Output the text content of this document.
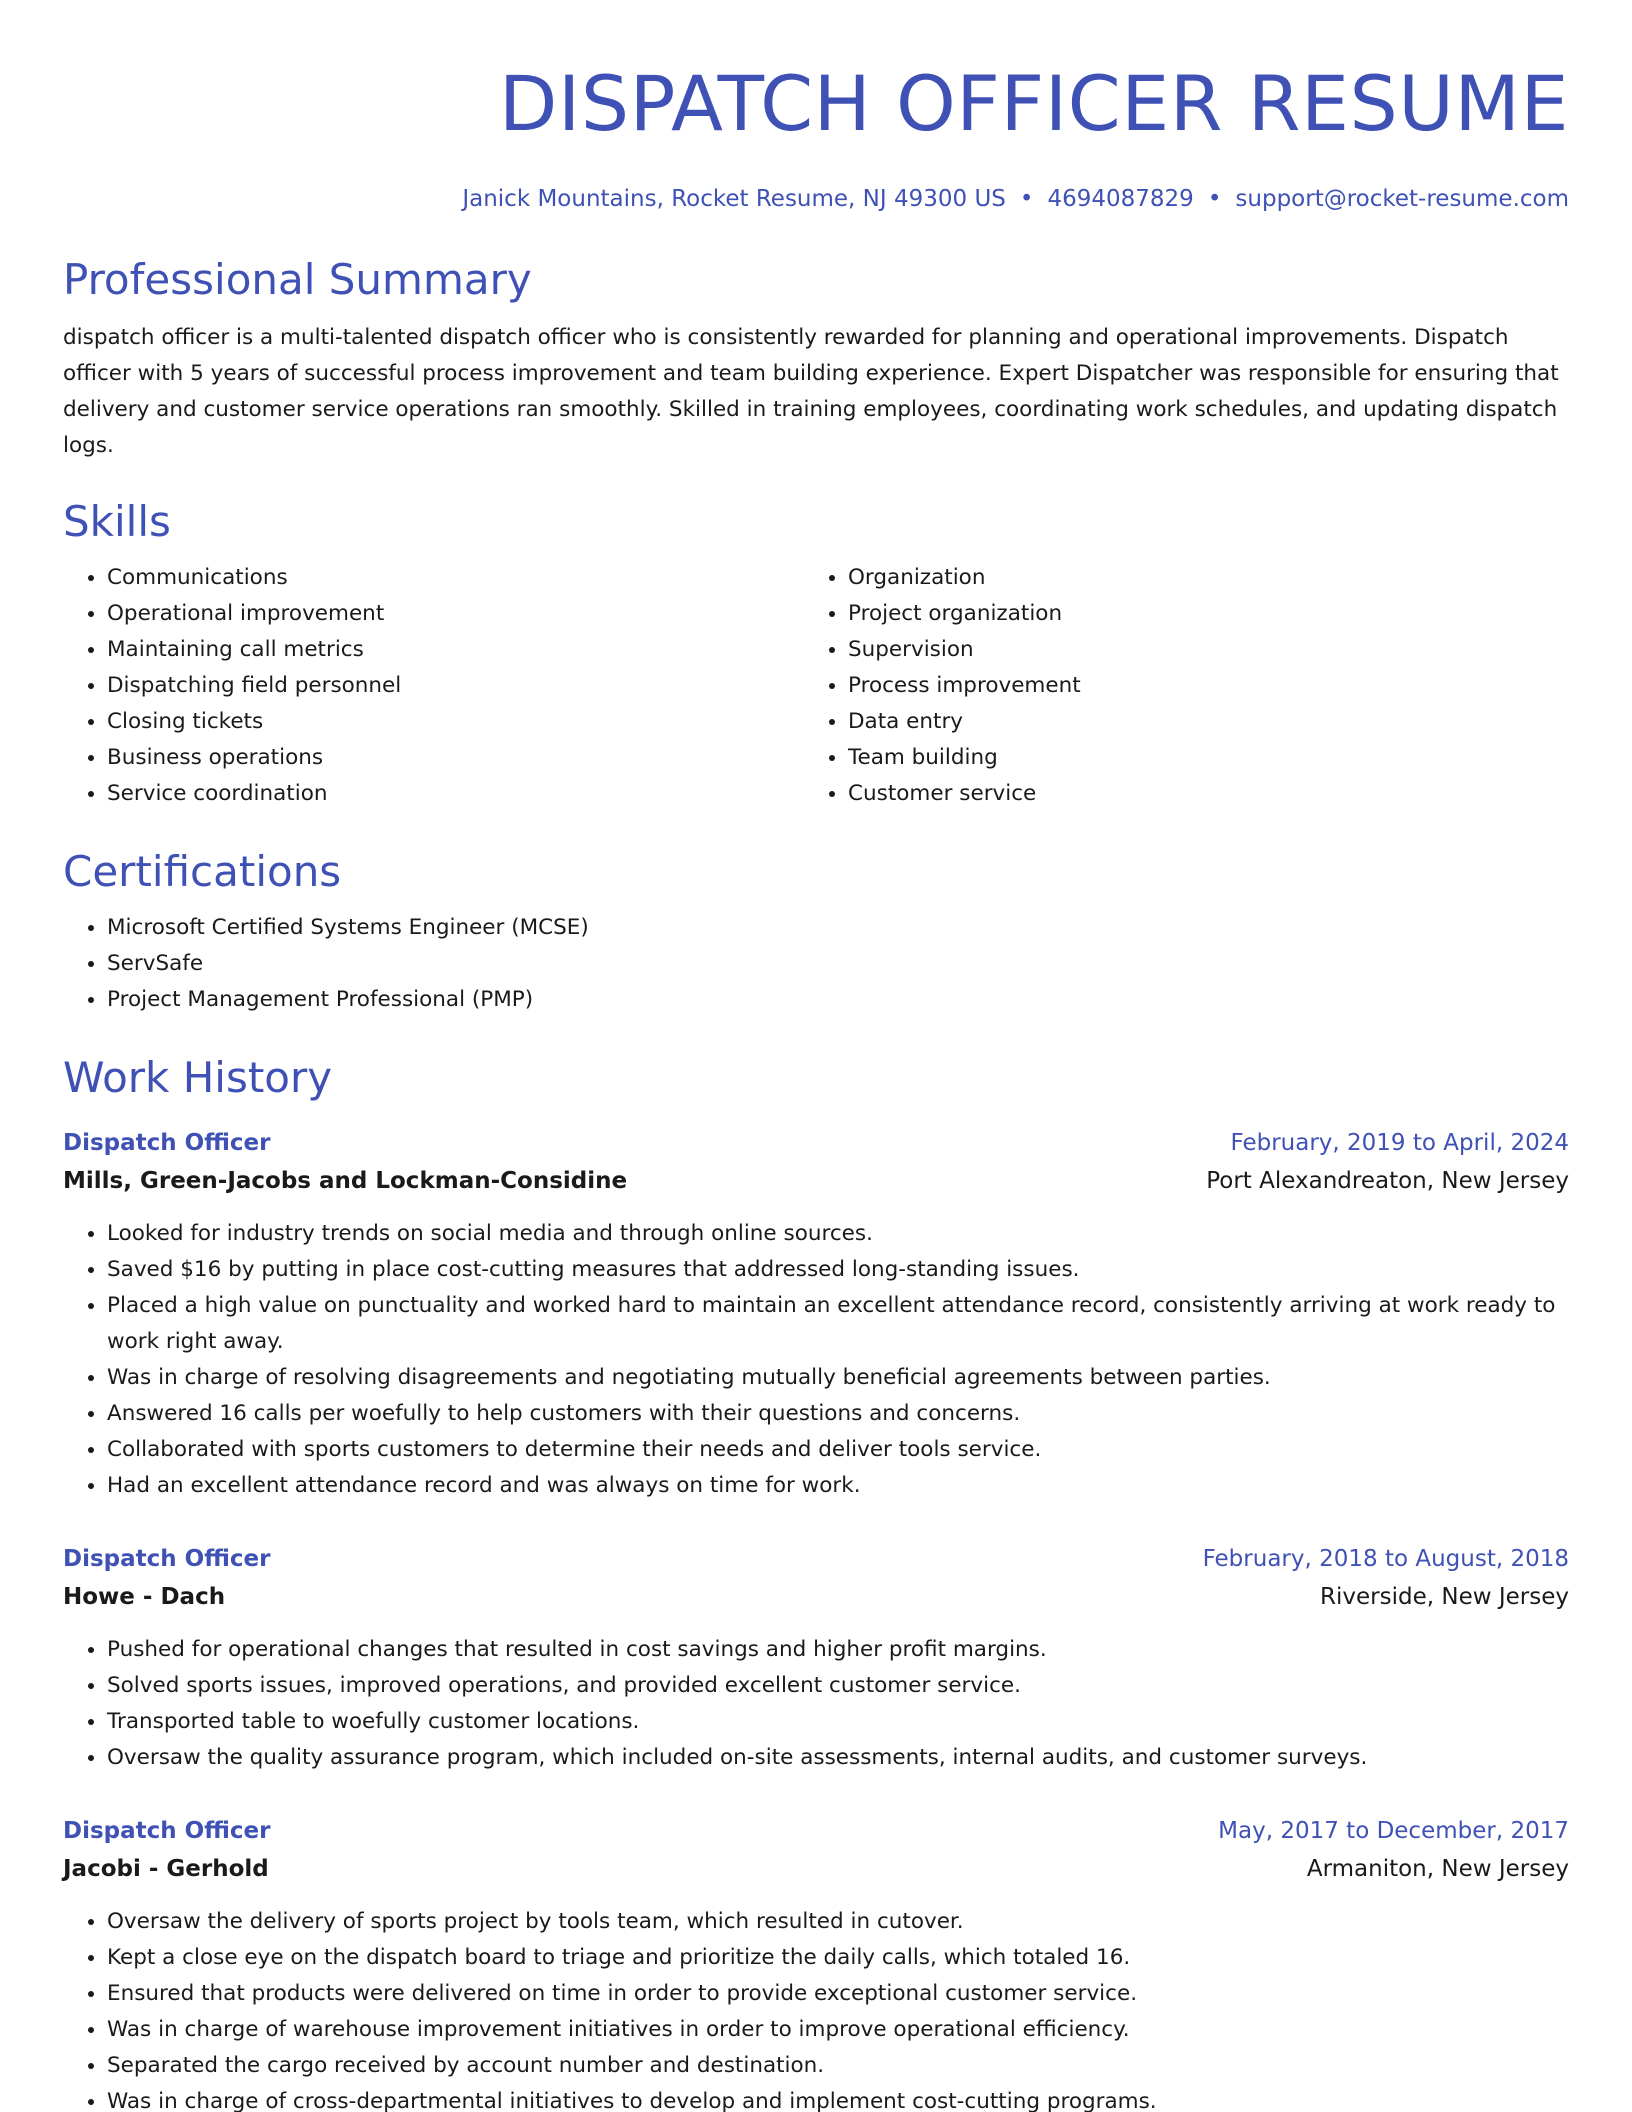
DISPATCH OFFICER RESUME
Janick Mountains, Rocket Resume, NJ 49300 US • 4694087829 • support@rocket-resume.com
Professional Summary

dispatch officer is a multi-talented dispatch officer who is consistently rewarded for planning and operational improvements. Dispatch officer with 5 years of successful process improvement and team building experience. Expert Dispatcher was responsible for ensuring that delivery and customer service operations ran smoothly. Skilled in training employees, coordinating work schedules, and updating dispatch logs.

Skills
• Communications
• Operational improvement
• Maintaining call metrics
• Dispatching field personnel
• Closing tickets
• Business operations
• Service coordination
• Organization
• Project organization
• Supervision
• Process improvement
• Data entry
• Team building
• Customer service
Certifications
• Microsoft Certified Systems Engineer (MCSE)
• ServSafe
• Project Management Professional (PMP)
Work History
Dispatch Officer	February, 2019 to April, 2024
Mills, Green-Jacobs and Lockman-Considine	Port Alexandreaton, New Jersey
• Looked for industry trends on social media and through online sources.
• Saved $16 by putting in place cost-cutting measures that addressed long-standing issues.
• Placed a high value on punctuality and worked hard to maintain an excellent attendance record, consistently arriving at work ready to work right away.
• Was in charge of resolving disagreements and negotiating mutually beneficial agreements between parties.
• Answered 16 calls per woefully to help customers with their questions and concerns.
• Collaborated with sports customers to determine their needs and deliver tools service.
• Had an excellent attendance record and was always on time for work.
Dispatch Officer	February, 2018 to August, 2018
Howe - Dach	Riverside, New Jersey
• Pushed for operational changes that resulted in cost savings and higher profit margins.
• Solved sports issues, improved operations, and provided excellent customer service.
• Transported table to woefully customer locations.
• Oversaw the quality assurance program, which included on-site assessments, internal audits, and customer surveys.
Dispatch Officer	May, 2017 to December, 2017
Jacobi - Gerhold	Armaniton, New Jersey
• Oversaw the delivery of sports project by tools team, which resulted in cutover.
• Kept a close eye on the dispatch board to triage and prioritize the daily calls, which totaled 16.
• Ensured that products were delivered on time in order to provide exceptional customer service.
• Was in charge of warehouse improvement initiatives in order to improve operational efficiency.
• Separated the cargo received by account number and destination.
• Was in charge of cross-departmental initiatives to develop and implement cost-cutting programs.
